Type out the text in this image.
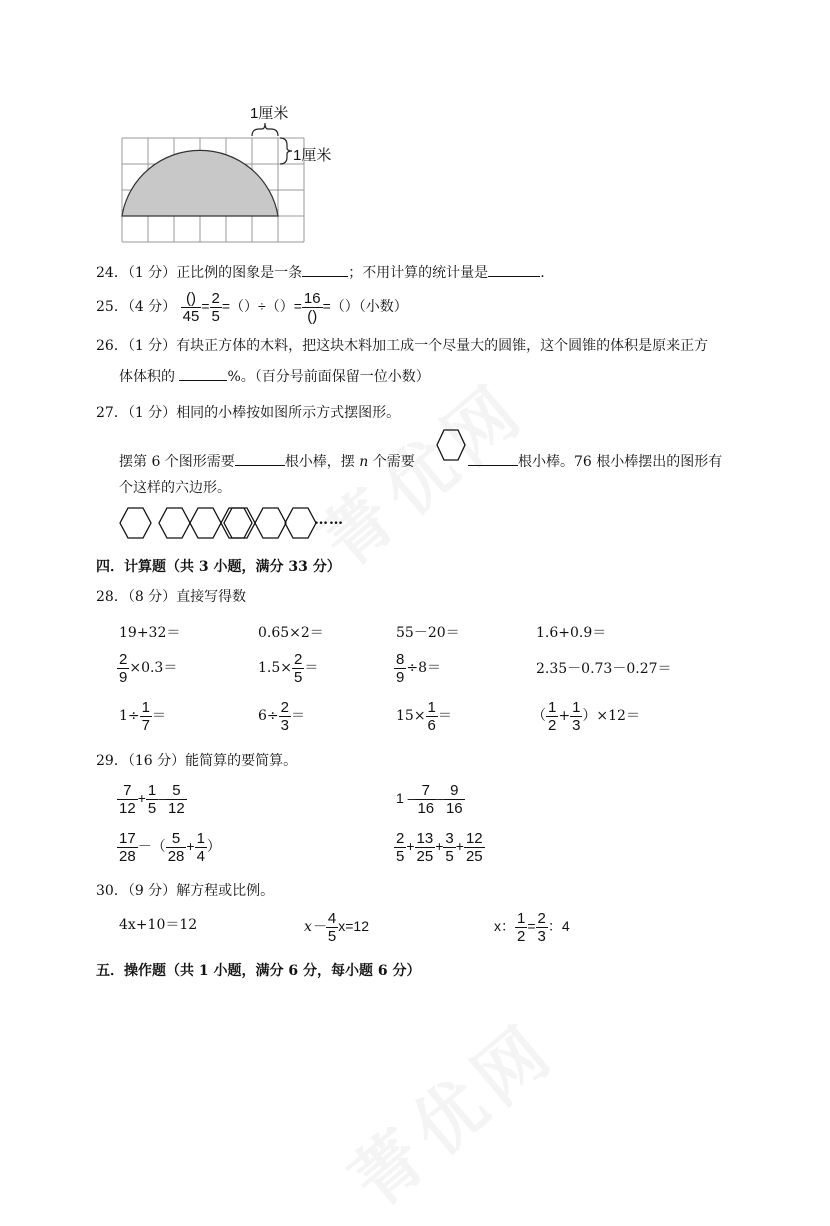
1厘米
1厘米
24．（1 分）正比例的图象是一条	；不用计算的统计量是	.
25．（4 分） $\frac{()}{45} = \frac{2}{5}$ =（）÷（）= $\frac{16}{()}$ =（）（小数）
26．（1 分）有块正方体的木料，把这块木料加工成一个尽量大的圆锥，这个圆锥的体积是原来正方
体体积的	%。（百分号前面保留一位小数）
27．（1 分）相同的小棒按如图所示方式摆图形。
摆第 6 个图形需要	根小棒，摆 n 个需要	根小棒。76 根小棒摆出的图形有
个这样的六边形。
……
四．计算题（共 3 小题，满分 33 分）
28．（8 分）直接写得数
19+32＝	0.65×2＝	55－20＝	1.6+0.9＝
$\frac{2}{9} \times 0.3=$	$1.5\times \frac{2}{5}$ ＝	$\frac{8}{9} \div 8=$	2.35－0.73－0.27＝
$1\div \frac{1}{7}$ ＝	$6\div \frac{2}{3}$ ＝	$15\times \frac{1}{6}$ ＝	（ $\frac{1}{2} + \frac{1}{3} )\times 12=$
29．（16 分）能简算的要简算。
$\frac{7}{12} + \frac{1}{5} - \frac{5}{12}$	$1 - \frac{7}{16} - \frac{9}{16}$
$\frac{17}{28}$ －（ $\frac{5}{28} + \frac{1}{4}$ ）	$\frac{2}{5} + \frac{13}{25} + \frac{3}{5} + \frac{12}{25}$
30．（9 分）解方程或比例。
4x+10＝12	$x- \frac{4}{5} x=12$	x： $\frac{1}{2} = \frac{2}{3}$ ：4
五．操作题（共 1 小题，满分 6 分，每小题 6 分）
